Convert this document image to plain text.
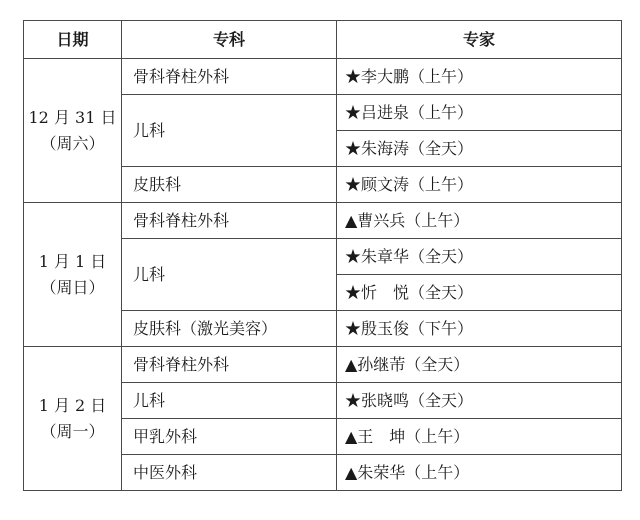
日期	专科	专家

12 月 31 日
（周六）	骨科脊柱外科	★李大鹏（上午）
	儿科	★吕进泉（上午）
		★朱海涛（全天）
	皮肤科	★顾文涛（上午）

1 月 1 日
（周日）	骨科脊柱外科	▲曹兴兵（上午）
	儿科	★朱章华（全天）
		★忻　悦（全天）
	皮肤科（激光美容）	★殷玉俊（下午）

1 月 2 日
（周一）	骨科脊柱外科	▲孙继芾（全天）
	儿科	★张晓鸣（全天）
	甲乳外科	▲王　坤（上午）
	中医外科	▲朱荣华（上午）
